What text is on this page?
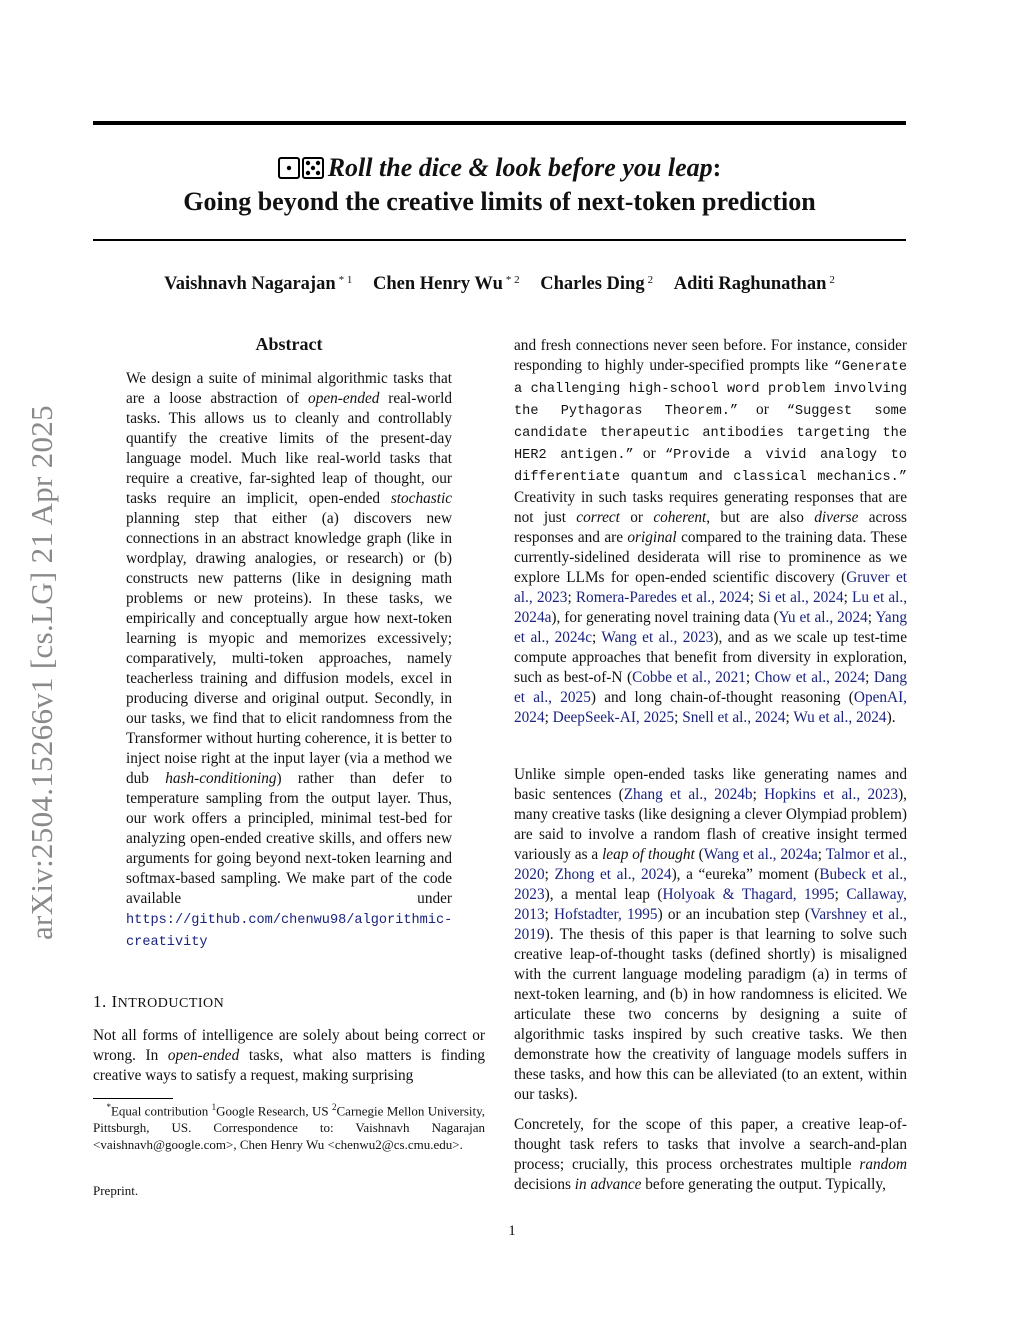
Roll the dice & look before you leap:
Going beyond the creative limits of next-token prediction
Vaishnavh Nagarajan $^{* 1}$ Chen Henry Wu $^{* 2}$ Charles Ding $^2$ Aditi Raghunathan $^2$
arXiv:2504.15266v1 [cs.LG] 21 Apr 2025
Abstract

We design a suite of minimal algorithmic tasks that are a loose abstraction of open-ended real-world tasks. This allows us to cleanly and controllably quantify the creative limits of the present-day language model. Much like real-world tasks that require a creative, far-sighted leap of thought, our tasks require an implicit, open-ended stochastic planning step that either (a) discovers new connections in an abstract knowledge graph (like in wordplay, drawing analogies, or research) or (b) constructs new patterns (like in designing math problems or new proteins). In these tasks, we empirically and conceptually argue how next-token learning is myopic and memorizes excessively; comparatively, multi-token approaches, namely teacherless training and diffusion models, excel in producing diverse and original output. Secondly, in our tasks, we find that to elicit randomness from the Transformer without hurting coherence, it is better to inject noise right at the input layer (via a method we dub hash-conditioning) rather than defer to temperature sampling from the output layer. Thus, our work offers a principled, minimal test-bed for analyzing open-ended creative skills, and offers new arguments for going beyond next-token learning and softmax-based sampling. We make part of the code available under https://github.com/chenwu98/algorithmic-creativity

1. INTRODUCTION

Not all forms of intelligence are solely about being correct or wrong. In open-ended tasks, what also matters is finding creative ways to satisfy a request, making surprising

*Equal contribution $^1$Google Research, US $^2$Carnegie Mellon University, Pittsburgh, US. Correspondence to: Vaishnavh Nagarajan <vaishnavh@google.com>, Chen Henry Wu <chenwu2@cs.cmu.edu>.

Preprint.

and fresh connections never seen before. For instance, consider responding to highly under-specified prompts like “Generate a challenging high-school word problem involving the Pythagoras Theorem.” or “Suggest some candidate therapeutic antibodies targeting the HER2 antigen.” or “Provide a vivid analogy to differentiate quantum and classical mechanics.” Creativity in such tasks requires generating responses that are not just correct or coherent, but are also diverse across responses and are original compared to the training data. These currently-sidelined desiderata will rise to prominence as we explore LLMs for open-ended scientific discovery (Gruver et al., 2023; Romera-Paredes et al., 2024; Si et al., 2024; Lu et al., 2024a), for generating novel training data (Yu et al., 2024; Yang et al., 2024c; Wang et al., 2023), and as we scale up test-time compute approaches that benefit from diversity in exploration, such as best-of-N (Cobbe et al., 2021; Chow et al., 2024; Dang et al., 2025) and long chain-of-thought reasoning (OpenAI, 2024; DeepSeek-AI, 2025; Snell et al., 2024; Wu et al., 2024).

Unlike simple open-ended tasks like generating names and basic sentences (Zhang et al., 2024b; Hopkins et al., 2023), many creative tasks (like designing a clever Olympiad problem) are said to involve a random flash of creative insight termed variously as a leap of thought (Wang et al., 2024a; Talmor et al., 2020; Zhong et al., 2024), a “eureka” moment (Bubeck et al., 2023), a mental leap (Holyoak & Thagard, 1995; Callaway, 2013; Hofstadter, 1995) or an incubation step (Varshney et al., 2019). The thesis of this paper is that learning to solve such creative leap-of-thought tasks (defined shortly) is misaligned with the current language modeling paradigm (a) in terms of next-token learning, and (b) in how randomness is elicited. We articulate these two concerns by designing a suite of algorithmic tasks inspired by such creative tasks. We then demonstrate how the creativity of language models suffers in these tasks, and how this can be alleviated (to an extent, within our tasks).

Concretely, for the scope of this paper, a creative leap-of-thought task refers to tasks that involve a search-and-plan process; crucially, this process orchestrates multiple random decisions in advance before generating the output. Typically,

1
